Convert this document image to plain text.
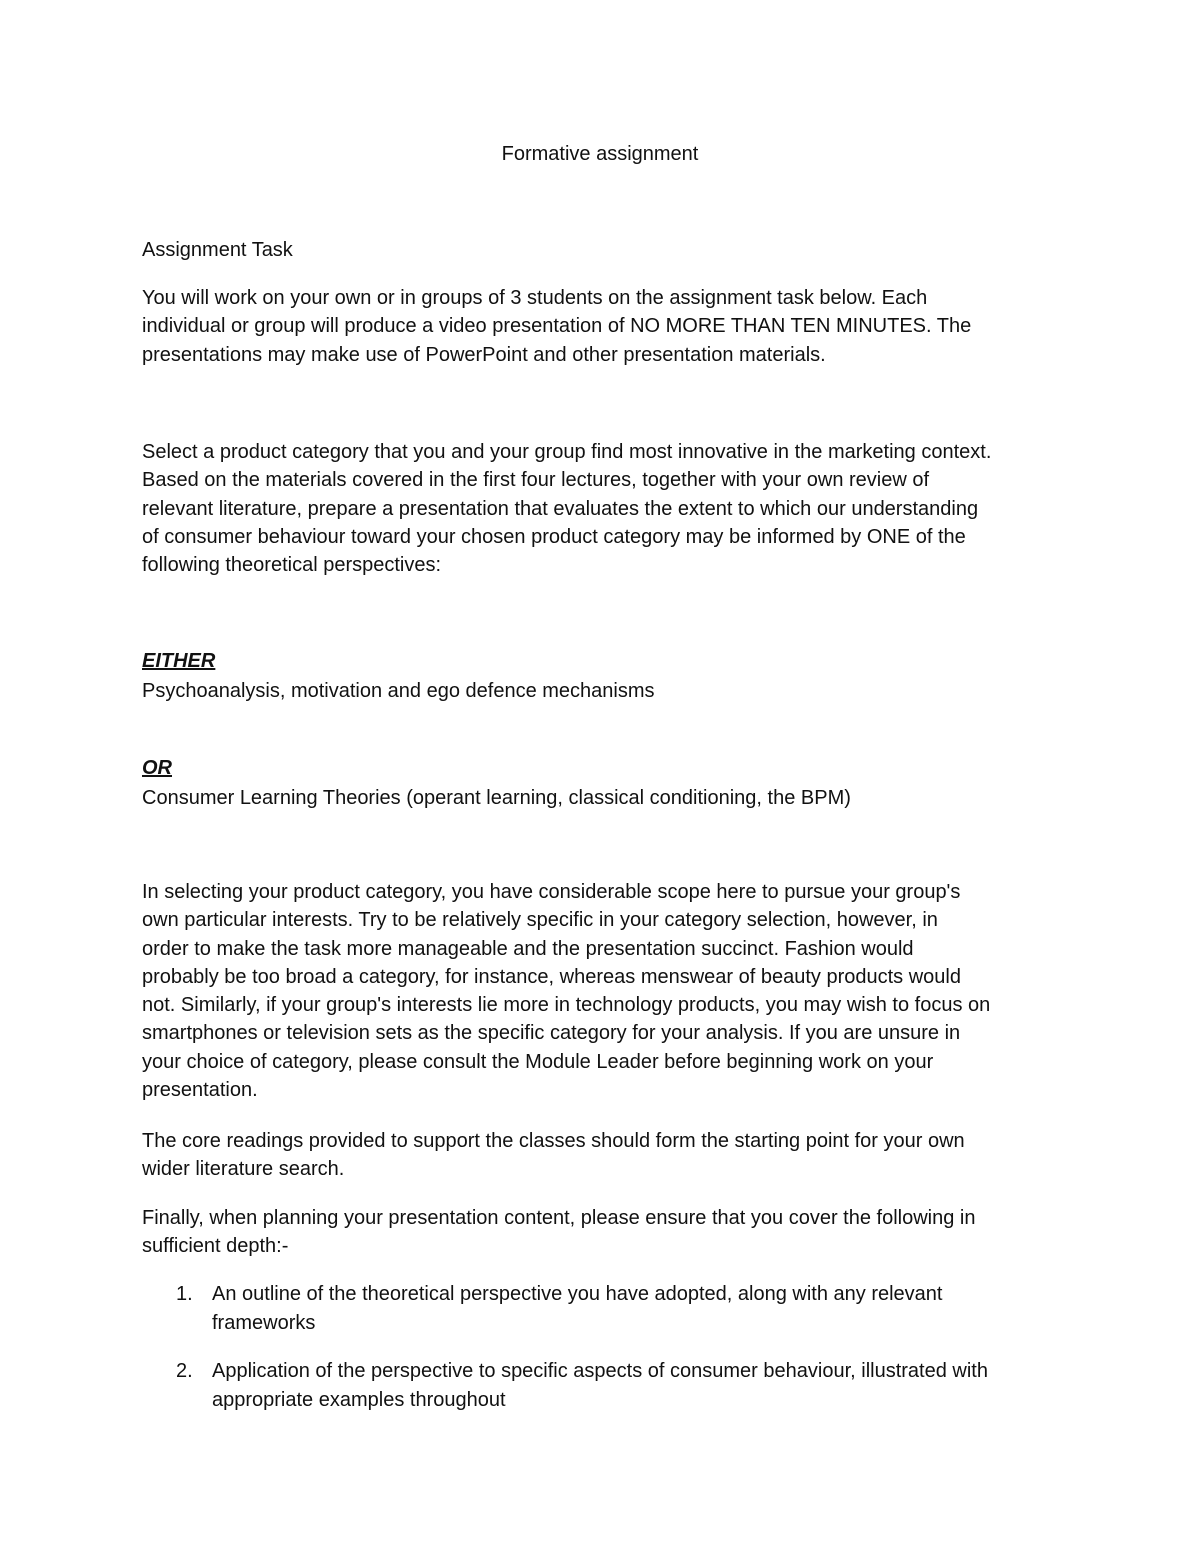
Formative assignment

Assignment Task

You will work on your own or in groups of 3 students on the assignment task below. Each
individual or group will produce a video presentation of NO MORE THAN TEN MINUTES. The
presentations may make use of PowerPoint and other presentation materials.

Select a product category that you and your group find most innovative in the marketing context.
Based on the materials covered in the first four lectures, together with your own review of
relevant literature, prepare a presentation that evaluates the extent to which our understanding
of consumer behaviour toward your chosen product category may be informed by ONE of the
following theoretical perspectives:

EITHER
Psychoanalysis, motivation and ego defence mechanisms
OR
Consumer Learning Theories (operant learning, classical conditioning, the BPM)

In selecting your product category, you have considerable scope here to pursue your group's
own particular interests. Try to be relatively specific in your category selection, however, in
order to make the task more manageable and the presentation succinct. Fashion would
probably be too broad a category, for instance, whereas menswear of beauty products would
not. Similarly, if your group's interests lie more in technology products, you may wish to focus on
smartphones or television sets as the specific category for your analysis. If you are unsure in
your choice of category, please consult the Module Leader before beginning work on your
presentation.

The core readings provided to support the classes should form the starting point for your own
wider literature search.

Finally, when planning your presentation content, please ensure that you cover the following in
sufficient depth:-

1. An outline of the theoretical perspective you have adopted, along with any relevant
frameworks
2. Application of the perspective to specific aspects of consumer behaviour, illustrated with
appropriate examples throughout
